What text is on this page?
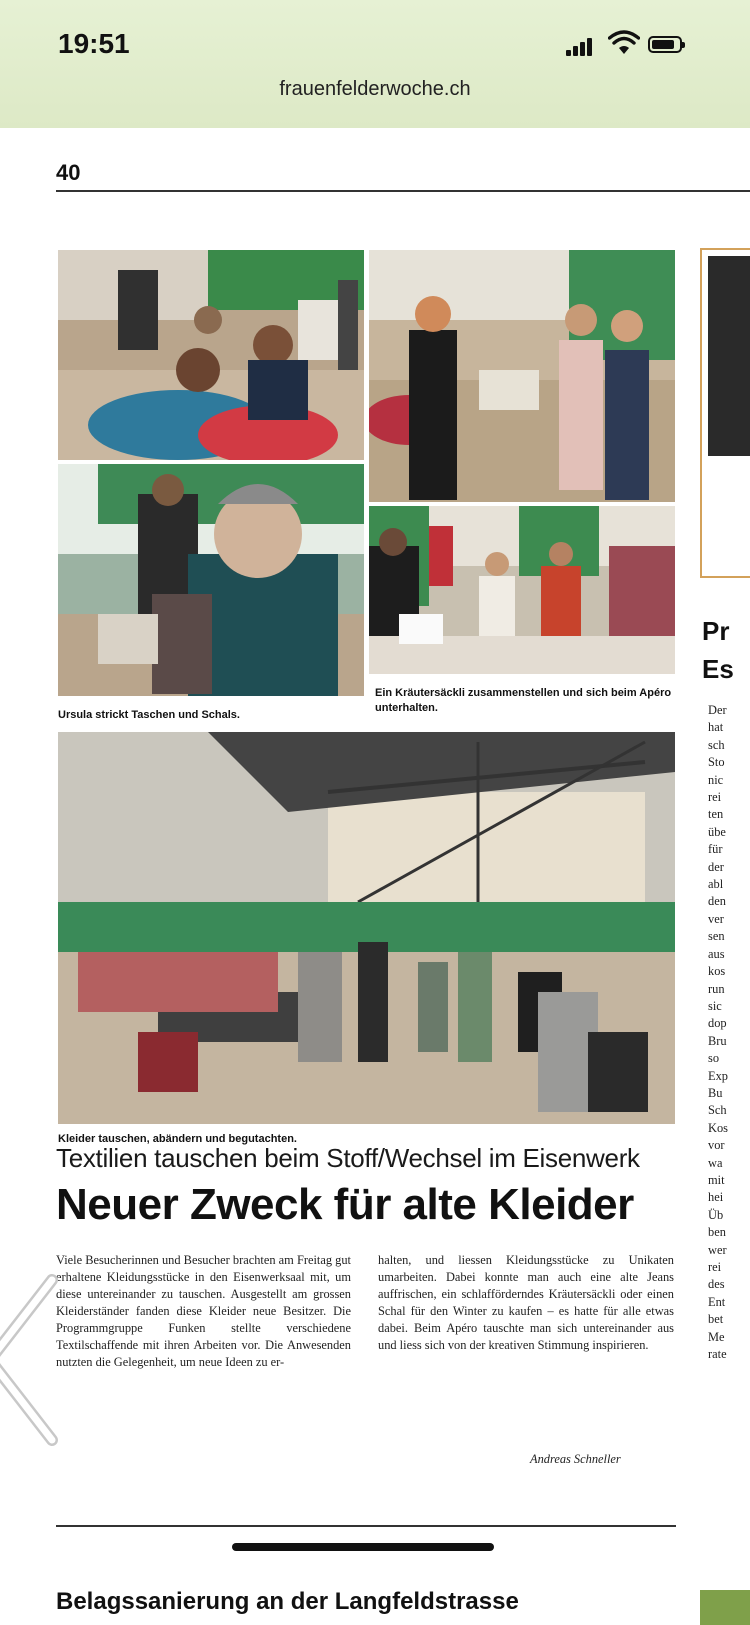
19:51
frauenfelderwoche.ch
40
Ursula strickt Taschen und Schals.
Ein Kräutersäckli zusammenstellen und sich beim Apéro unterhalten.
Kleider tauschen, abändern und begutachten.
Textilien tauschen beim Stoff/Wechsel im Eisenwerk
Neuer Zweck für alte Kleider
Viele Besucherinnen und Besucher brachten am Freitag gut erhaltene Kleidungsstücke in den Eisenwerksaal mit, um diese untereinander zu tauschen. Ausgestellt am grossen Kleiderständer fanden diese Kleider neue Besitzer. Die Programmgruppe Funken stellte verschiedene Textilschaffende mit ihren Arbeiten vor. Die Anwesenden nutzten die Gelegenheit, um neue Ideen zu er-
halten, und liessen Kleidungsstücke zu Unikaten umarbeiten. Dabei konnte man auch eine alte Jeans auffrischen, ein schlafförderndes Kräutersäckli oder einen Schal für den Winter zu kaufen – es hatte für alle etwas dabei. Beim Apéro tauschte man sich untereinander aus und liess sich von der kreativen Stimmung inspirieren.
Andreas Schneller
Pr
Es
Der
hat
sch
Sto
nic
rei
ten
übe
für
der
abl
den
ver
sen
aus
kos
run
sic
dop
Bru
so
Exp
Bu
Sch
Kos
vor
wa
mit
hei
Üb
ben
wer
rei
des
Ent
bet
Me
rate
Belagssanierung an der Langfeldstrasse
